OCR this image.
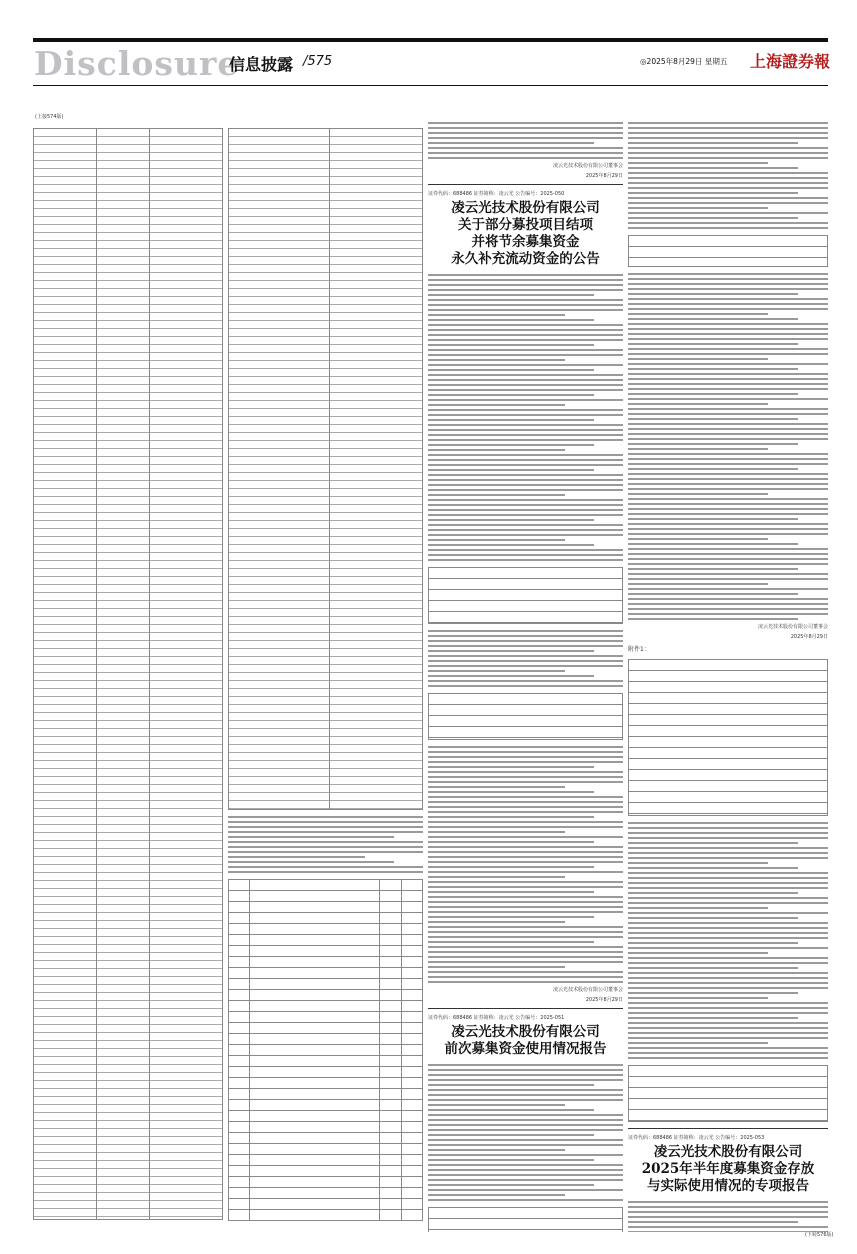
Disclosure
信息披露 /575	◎2025年8月29日 星期五 上海證券報
(上接574版)
凌云光技术股份有限公司董事会
2025年8月29日
证券代码：688486 证券简称：凌云光 公告编号：2025-050
凌云光技术股份有限公司
关于部分募投项目结项
并将节余募集资金
永久补充流动资金的公告
凌云光技术股份有限公司董事会
2025年8月29日
证券代码：688486 证券简称：凌云光 公告编号：2025-051
凌云光技术股份有限公司
前次募集资金使用情况报告
凌云光技术股份有限公司董事会
2025年8月29日
附件1：
证券代码：688486 证券简称：凌云光 公告编号：2025-053
凌云光技术股份有限公司
2025年半年度募集资金存放
与实际使用情况的专项报告
(下转576版)
